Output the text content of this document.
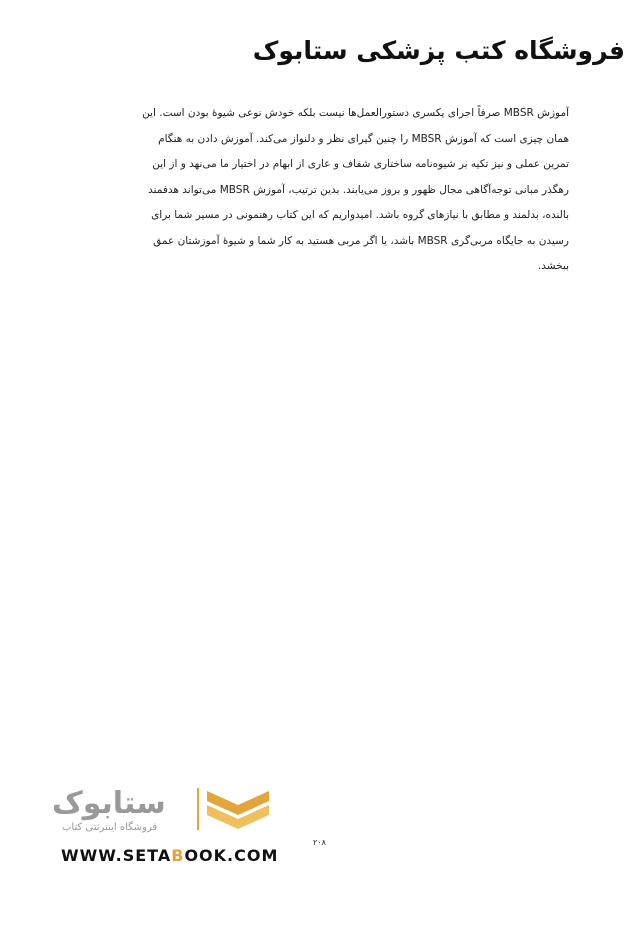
فروشگاه کتب پزشکی ستابوک
آموزش MBSR صرفاً اجرای یکسری دستورالعمل‌ها نیست بلکه خودش نوعی شیوهٔ بودن است. این
همان چیزی است که آموزش MBSR را چنین گیرای نظر و دلنواز می‌کند. آموزش دادن به هنگام
تمرین عملی و نیز تکیه بر شیوه‌نامه ساختاری شفاف و عاری از ابهام در اختیار ما می‌نهد و از این
رهگذر مبانی توجه‌آگاهی مجال ظهور و بروز می‌یابند. بدین ترتیب، آموزش MBSR می‌تواند هدفمند
بالنده، بدلمند و مطابق با نیازهای گروه باشد. امیدواریم که این کتاب رهنمونی در مسیر شما برای
رسیدن به جایگاه مربی‌گری MBSR باشد، یا اگر مربی هستید به کار شما و شیوهٔ آموزشتان عمق
ببخشد.
ستابوک
فروشگاه اینترنتی کتاب
WWW.SETABOOK.COM
۲۰۸
